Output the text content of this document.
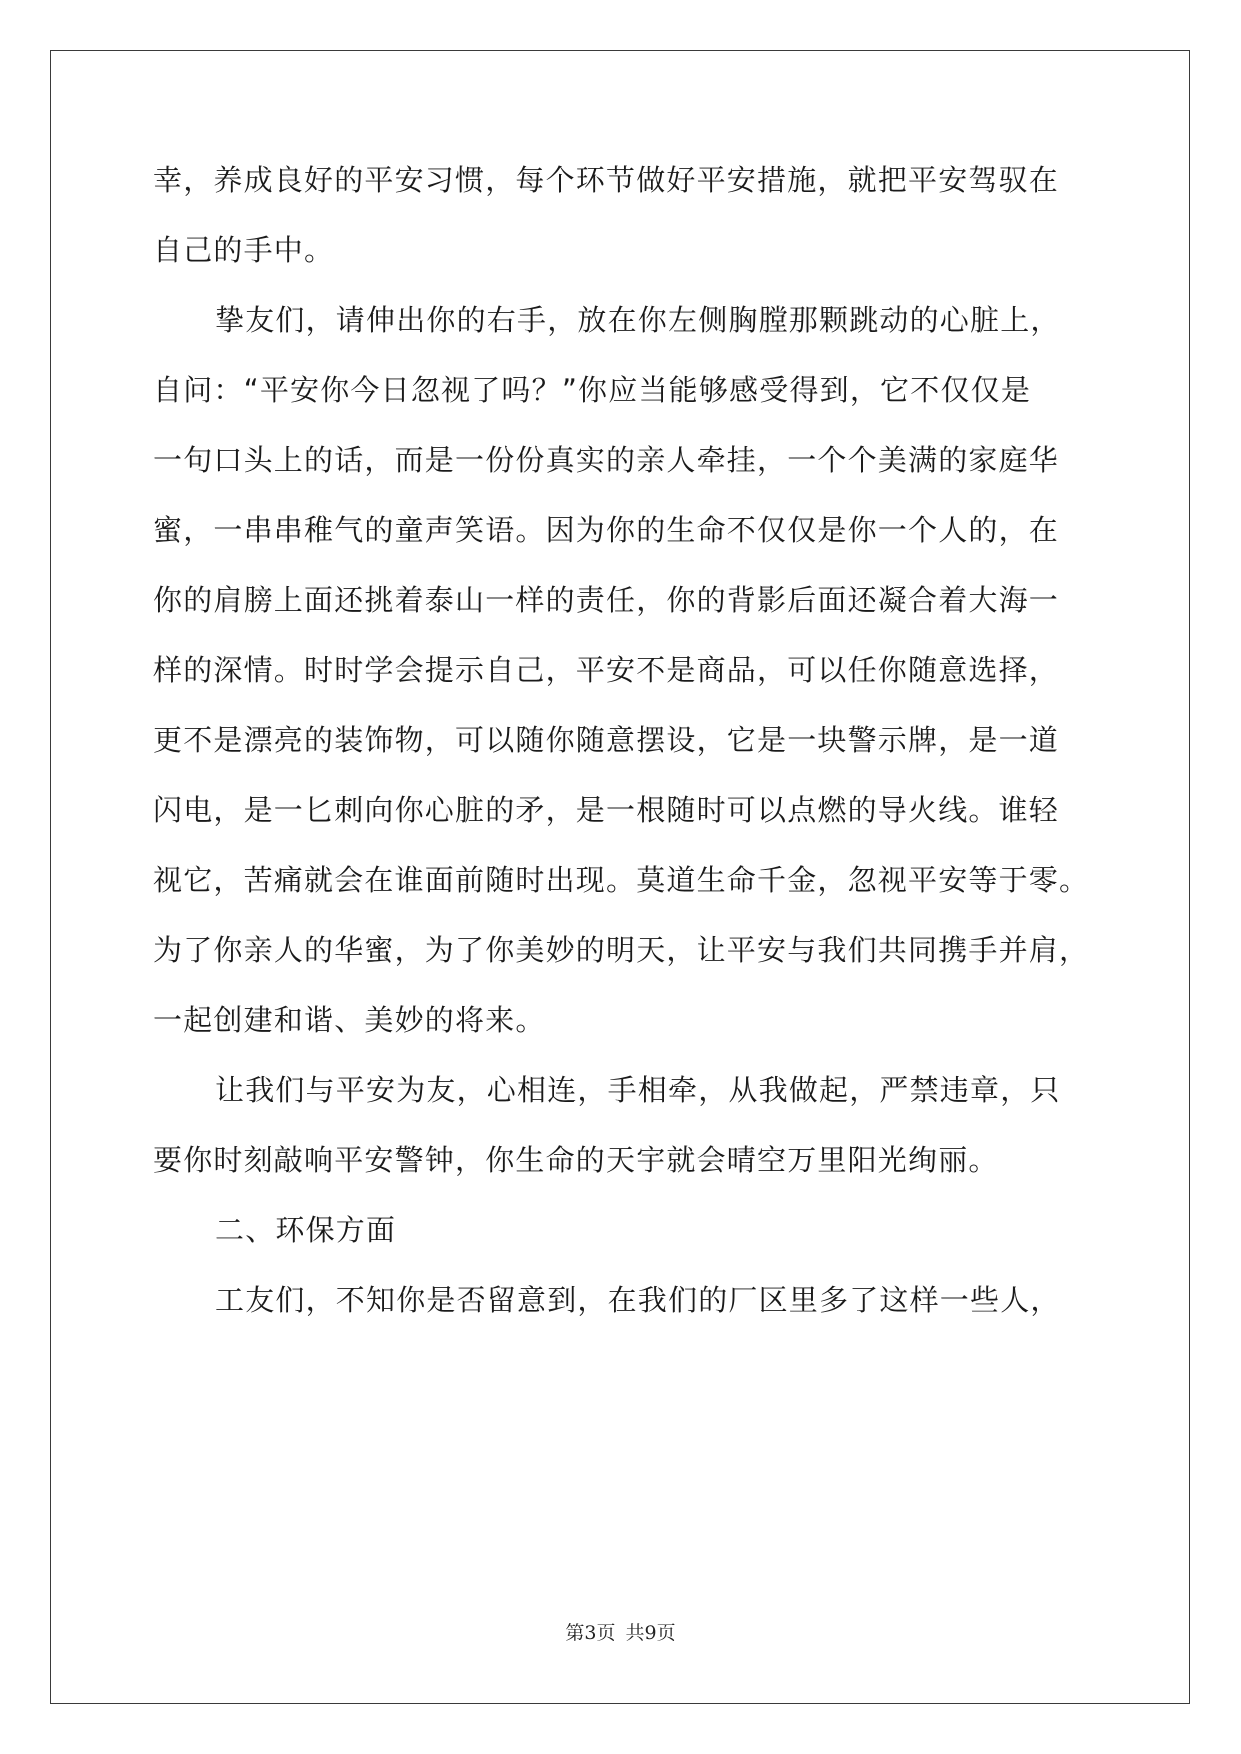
幸，养成良好的平安习惯，每个环节做好平安措施，就把平安驾驭在
自己的手中。
挚友们，请伸出你的右手，放在你左侧胸膛那颗跳动的心脏上，
自问：“平安你今日忽视了吗？”你应当能够感受得到，它不仅仅是
一句口头上的话，而是一份份真实的亲人牵挂，一个个美满的家庭华
蜜，一串串稚气的童声笑语。因为你的生命不仅仅是你一个人的，在
你的肩膀上面还挑着泰山一样的责任，你的背影后面还凝合着大海一
样的深情。时时学会提示自己，平安不是商品，可以任你随意选择，
更不是漂亮的装饰物，可以随你随意摆设，它是一块警示牌，是一道
闪电，是一匕刺向你心脏的矛，是一根随时可以点燃的导火线。谁轻
视它，苦痛就会在谁面前随时出现。莫道生命千金，忽视平安等于零。
为了你亲人的华蜜，为了你美妙的明天，让平安与我们共同携手并肩，
一起创建和谐、美妙的将来。
让我们与平安为友，心相连，手相牵，从我做起，严禁违章，只
要你时刻敲响平安警钟，你生命的天宇就会晴空万里阳光绚丽。
二、环保方面
工友们，不知你是否留意到，在我们的厂区里多了这样一些人，
第3页 共9页
